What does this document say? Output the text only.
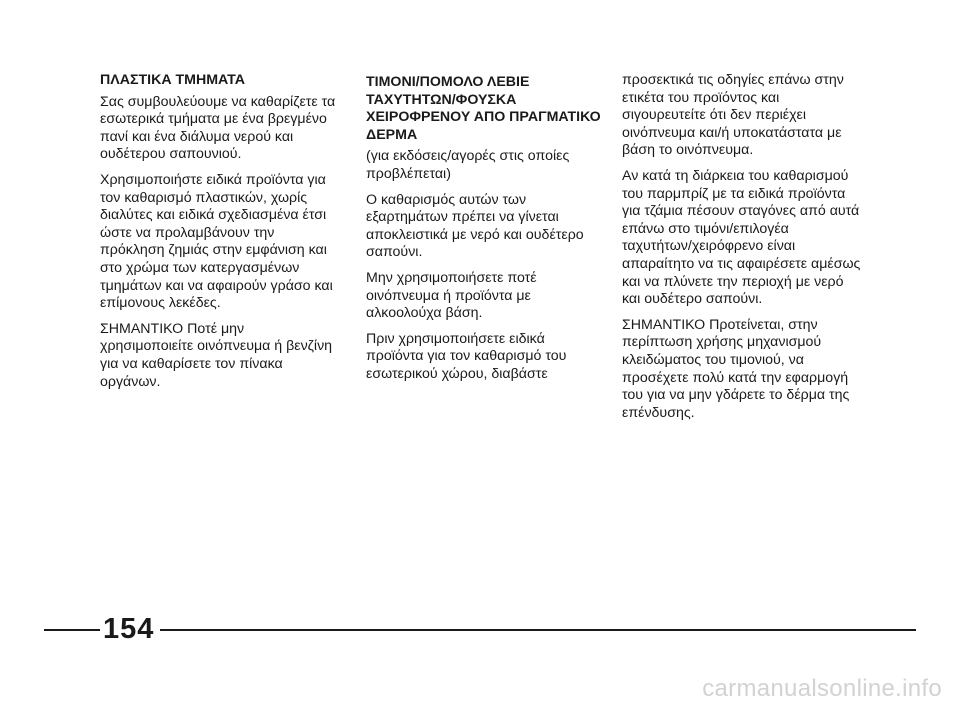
ΠΛΑΣΤΙΚΑ ΤΜΗΜΑΤΑ

Σας συμβουλεύουμε να καθαρίζετε τα εσωτερικά τμήματα με ένα βρεγμένο πανί και ένα διάλυμα νερού και ουδέτερου σαπουνιού.

Χρησιμοποιήστε ειδικά προϊόντα για τον καθαρισμό πλαστικών, χωρίς διαλύτες και ειδικά σχεδιασμένα έτσι ώστε να προλαμβάνουν την πρόκληση ζημιάς στην εμφάνιση και στο χρώμα των κατεργασμένων τμημάτων και να αφαιρούν γράσο και επίμονους λεκέδες.

ΣΗΜΑΝΤΙΚΟ Ποτέ μην χρησιμοποιείτε οινόπνευμα ή βενζίνη για να καθαρίσετε τον πίνακα οργάνων.

ΤΙΜΟΝΙ/ΠΟΜΟΛΟ ΛΕΒΙΕ ΤΑΧΥΤΗΤΩΝ/ΦΟΥΣΚΑ ΧΕΙΡΟΦΡΕΝΟΥ ΑΠΟ ΠΡΑΓΜΑΤΙΚΟ ΔΕΡΜΑ

(για εκδόσεις/αγορές στις οποίες προβλέπεται)

Ο καθαρισμός αυτών των εξαρτημάτων πρέπει να γίνεται αποκλειστικά με νερό και ουδέτερο σαπούνι.

Μην χρησιμοποιήσετε ποτέ οινόπνευμα ή προϊόντα με αλκοολούχα βάση.

Πριν χρησιμοποιήσετε ειδικά προϊόντα για τον καθαρισμό του εσωτερικού χώρου, διαβάστε

προσεκτικά τις οδηγίες επάνω στην ετικέτα του προϊόντος και σιγουρευτείτε ότι δεν περιέχει οινόπνευμα και/ή υποκατάστατα με βάση το οινόπνευμα.

Αν κατά τη διάρκεια του καθαρισμού του παρμπρίζ με τα ειδικά προϊόντα για τζάμια πέσουν σταγόνες από αυτά επάνω στο τιμόνι/επιλογέα ταχυτήτων/χειρόφρενο είναι απαραίτητο να τις αφαιρέσετε αμέσως και να πλύνετε την περιοχή με νερό και ουδέτερο σαπούνι.

ΣΗΜΑΝΤΙΚΟ Προτείνεται, στην περίπτωση χρήσης μηχανισμού κλειδώματος του τιμονιού, να προσέχετε πολύ κατά την εφαρμογή του για να μην γδάρετε το δέρμα της επένδυσης.

154
carmanualsonline.info
